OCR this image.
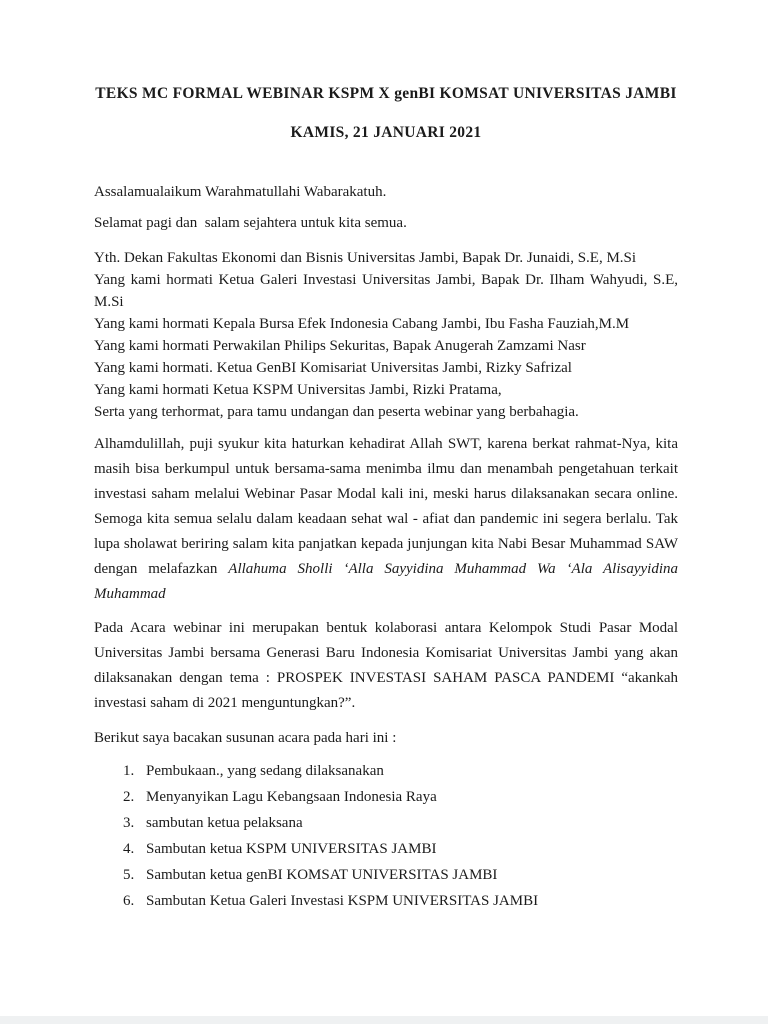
TEKS MC FORMAL WEBINAR KSPM X genBI KOMSAT UNIVERSITAS JAMBI
KAMIS, 21 JANUARI 2021
Assalamualaikum Warahmatullahi Wabarakatuh.
Selamat pagi dan  salam sejahtera untuk kita semua.
Yth. Dekan Fakultas Ekonomi dan Bisnis Universitas Jambi, Bapak Dr. Junaidi, S.E, M.Si
Yang kami hormati Ketua Galeri Investasi Universitas Jambi, Bapak Dr. Ilham Wahyudi, S.E, M.Si
Yang kami hormati Kepala Bursa Efek Indonesia Cabang Jambi, Ibu Fasha Fauziah,M.M
Yang kami hormati Perwakilan Philips Sekuritas, Bapak Anugerah Zamzami Nasr
Yang kami hormati. Ketua GenBI Komisariat Universitas Jambi, Rizky Safrizal
Yang kami hormati Ketua KSPM Universitas Jambi, Rizki Pratama,
Serta yang terhormat, para tamu undangan dan peserta webinar yang berbahagia.
Alhamdulillah, puji syukur kita haturkan kehadirat Allah SWT, karena berkat rahmat-Nya, kita masih bisa berkumpul untuk bersama-sama menimba ilmu dan menambah pengetahuan terkait investasi saham melalui Webinar Pasar Modal kali ini, meski harus dilaksanakan secara online. Semoga kita semua selalu dalam keadaan sehat wal - afiat dan pandemic ini segera berlalu. Tak lupa sholawat beriring salam kita panjatkan kepada junjungan kita Nabi Besar Muhammad SAW dengan melafazkan Allahuma Sholli ‘Alla Sayyidina Muhammad Wa ‘Ala Alisayyidina Muhammad
Pada Acara webinar ini merupakan bentuk kolaborasi antara Kelompok Studi Pasar Modal Universitas Jambi bersama Generasi Baru Indonesia Komisariat Universitas Jambi yang akan dilaksanakan dengan tema : PROSPEK INVESTASI SAHAM PASCA PANDEMI “akankah investasi saham di 2021 menguntungkan?”.
Berikut saya bacakan susunan acara pada hari ini :
1. Pembukaan., yang sedang dilaksanakan
2. Menyanyikan Lagu Kebangsaan Indonesia Raya
3. sambutan ketua pelaksana
4. Sambutan ketua KSPM UNIVERSITAS JAMBI
5. Sambutan ketua genBI KOMSAT UNIVERSITAS JAMBI
6. Sambutan Ketua Galeri Investasi KSPM UNIVERSITAS JAMBI
